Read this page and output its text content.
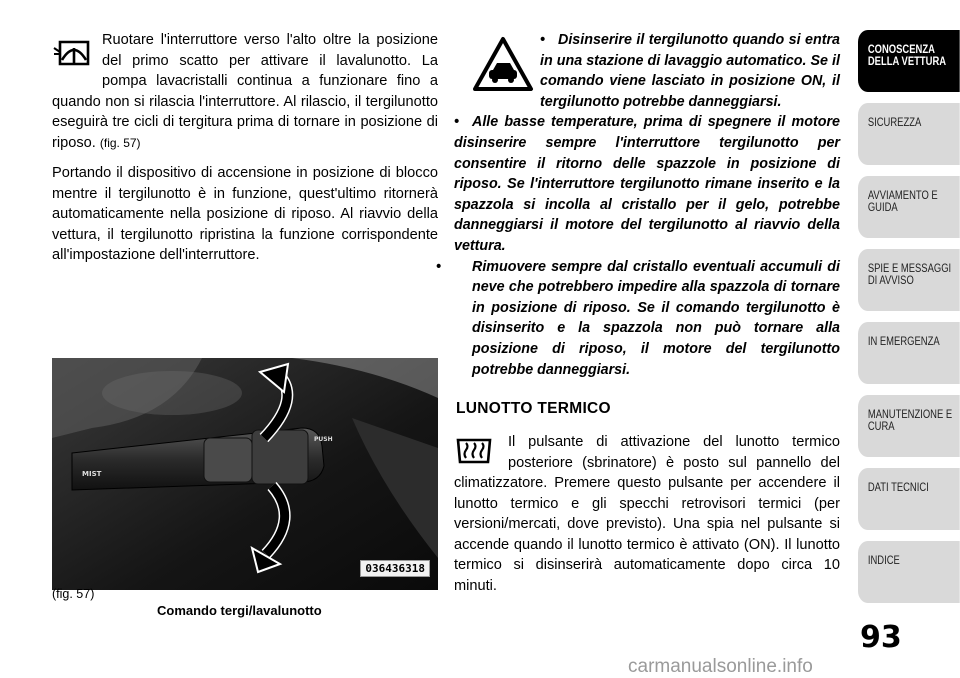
Ruotare l'interruttore verso l'alto oltre la posizione del primo scatto per attivare il lavalunotto. La pompa lavacristalli continua a funzionare fino a quando non si rilascia l'interruttore. Al rilascio, il tergilunotto eseguirà tre cicli di tergitura prima di tornare in posizione di riposo. (fig. 57)

Portando il dispositivo di accensione in posizione di blocco mentre il tergilunotto è in funzione, quest'ultimo ritornerà automaticamente nella posizione di riposo. Al riavvio della vettura, il tergilunotto ripristina la funzione corrispondente all'impostazione dell'interruttore.

MIST
PUSH
036436318
(fig. 57)
Comando tergi/lavalunotto
• Disinserire il tergilunotto quando si entra in una stazione di lavaggio automatico. Se il comando viene lasciato in posizione ON, il tergilunotto potrebbe danneggiarsi.
• Alle basse temperature, prima di spegnere il motore disinserire sempre l'interruttore tergilunotto per consentire il ritorno delle spazzole in posizione di riposo. Se l'interruttore tergilunotto rimane inserito e la spazzola si incolla al cristallo per il gelo, potrebbe danneggiarsi il motore del tergilunotto al riavvio della vettura.
• Rimuovere sempre dal cristallo eventuali accumuli di neve che potrebbero impedire alla spazzola di tornare in posizione di riposo. Se il comando tergilunotto è disinserito e la spazzola non può tornare alla posizione di riposo, il motore del tergilunotto potrebbe danneggiarsi.
LUNOTTO TERMICO

Il pulsante di attivazione del lunotto termico posteriore (sbrinatore) è posto sul pannello del climatizzatore. Premere questo pulsante per accendere il lunotto termico e gli specchi retrovisori termici (per versioni/mercati, dove previsto). Una spia nel pulsante si accende quando il lunotto termico è attivato (ON). Il lunotto termico si disinserirà automaticamente dopo circa 10 minuti.

CONOSCENZA DELLA VETTURA
SICUREZZA
AVVIAMENTO E GUIDA
SPIE E MESSAGGI DI AVVISO
IN EMERGENZA
MANUTENZIONE E CURA
DATI TECNICI
INDICE
93
carmanualsonline.info
